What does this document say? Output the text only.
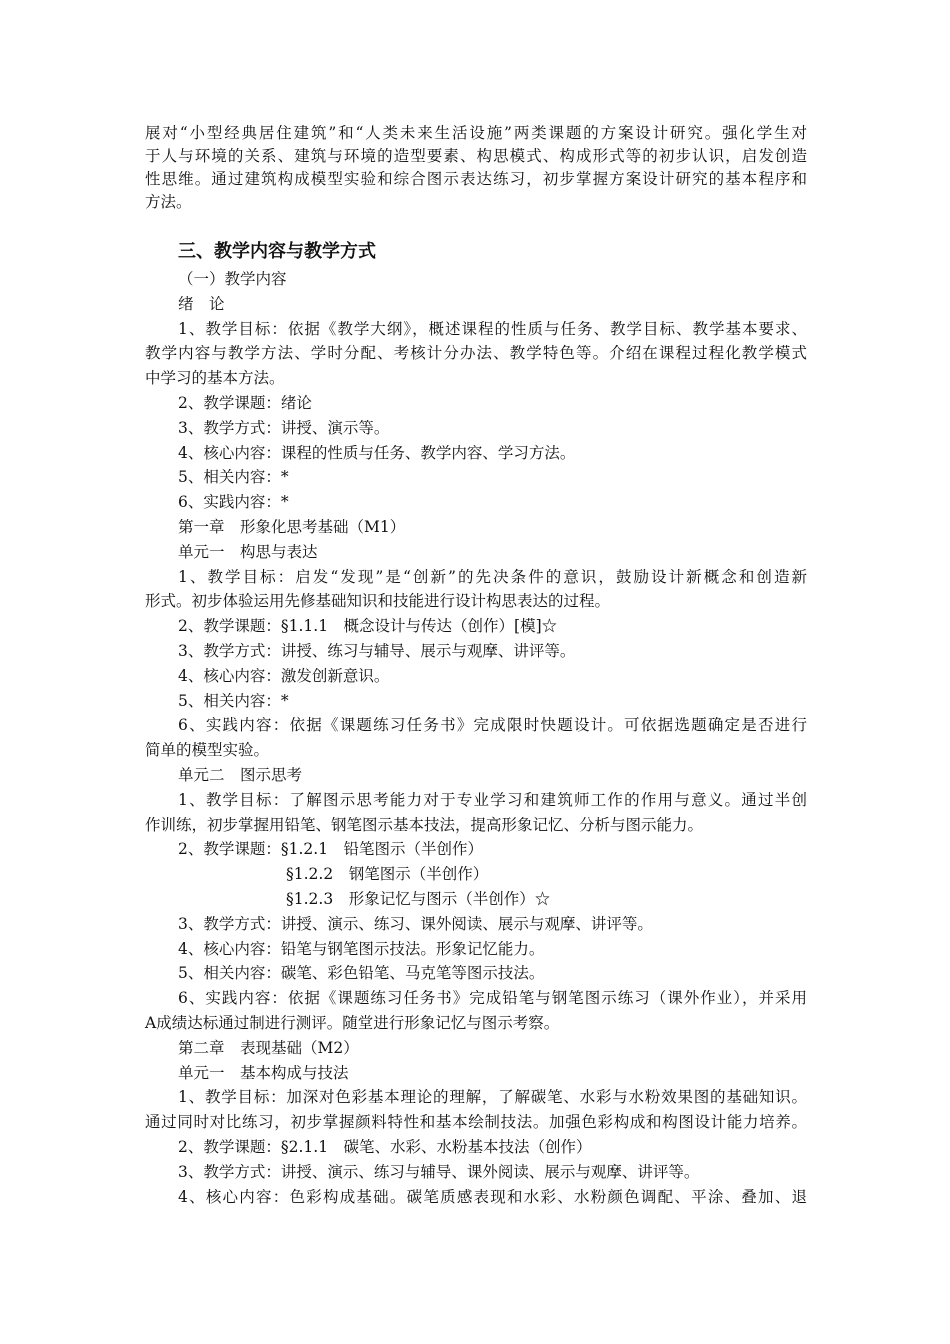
展对“小型经典居住建筑”和“人类未来生活设施”两类课题的方案设计研究。强化学生对
于人与环境的关系、建筑与环境的造型要素、构思模式、构成形式等的初步认识，启发创造
性思维。通过建筑构成模型实验和综合图示表达练习，初步掌握方案设计研究的基本程序和
方法。
三、教学内容与教学方式
（一）教学内容
绪　论
1、教学目标：依据《教学大纲》，概述课程的性质与任务、教学目标、教学基本要求、
教学内容与教学方法、学时分配、考核计分办法、教学特色等。介绍在课程过程化教学模式
中学习的基本方法。
2、教学课题：绪论
3、教学方式：讲授、演示等。
4、核心内容：课程的性质与任务、教学内容、学习方法。
5、相关内容：*
6、实践内容：*
第一章　形象化思考基础（M1）
单元一　构思与表达
1、教学目标：启发“发现”是“创新”的先决条件的意识，鼓励设计新概念和创造新
形式。初步体验运用先修基础知识和技能进行设计构思表达的过程。
2、教学课题：§1.1.1　概念设计与传达（创作）[模]☆
3、教学方式：讲授、练习与辅导、展示与观摩、讲评等。
4、核心内容：激发创新意识。
5、相关内容：*
6、实践内容：依据《课题练习任务书》完成限时快题设计。可依据选题确定是否进行
简单的模型实验。
单元二　图示思考
1、教学目标：了解图示思考能力对于专业学习和建筑师工作的作用与意义。通过半创
作训练，初步掌握用铅笔、钢笔图示基本技法，提高形象记忆、分析与图示能力。
2、教学课题：§1.2.1　铅笔图示（半创作）
§1.2.2　钢笔图示（半创作）
§1.2.3　形象记忆与图示（半创作）☆
3、教学方式：讲授、演示、练习、课外阅读、展示与观摩、讲评等。
4、核心内容：铅笔与钢笔图示技法。形象记忆能力。
5、相关内容：碳笔、彩色铅笔、马克笔等图示技法。
6、实践内容：依据《课题练习任务书》完成铅笔与钢笔图示练习（课外作业），并采用
A成绩达标通过制进行测评。随堂进行形象记忆与图示考察。
第二章　表现基础（M2）
单元一　基本构成与技法
1、教学目标：加深对色彩基本理论的理解，了解碳笔、水彩与水粉效果图的基础知识。
通过同时对比练习，初步掌握颜料特性和基本绘制技法。加强色彩构成和构图设计能力培养。
2、教学课题：§2.1.1　碳笔、水彩、水粉基本技法（创作）
3、教学方式：讲授、演示、练习与辅导、课外阅读、展示与观摩、讲评等。
4、核心内容：色彩构成基础。碳笔质感表现和水彩、水粉颜色调配、平涂、叠加、退
